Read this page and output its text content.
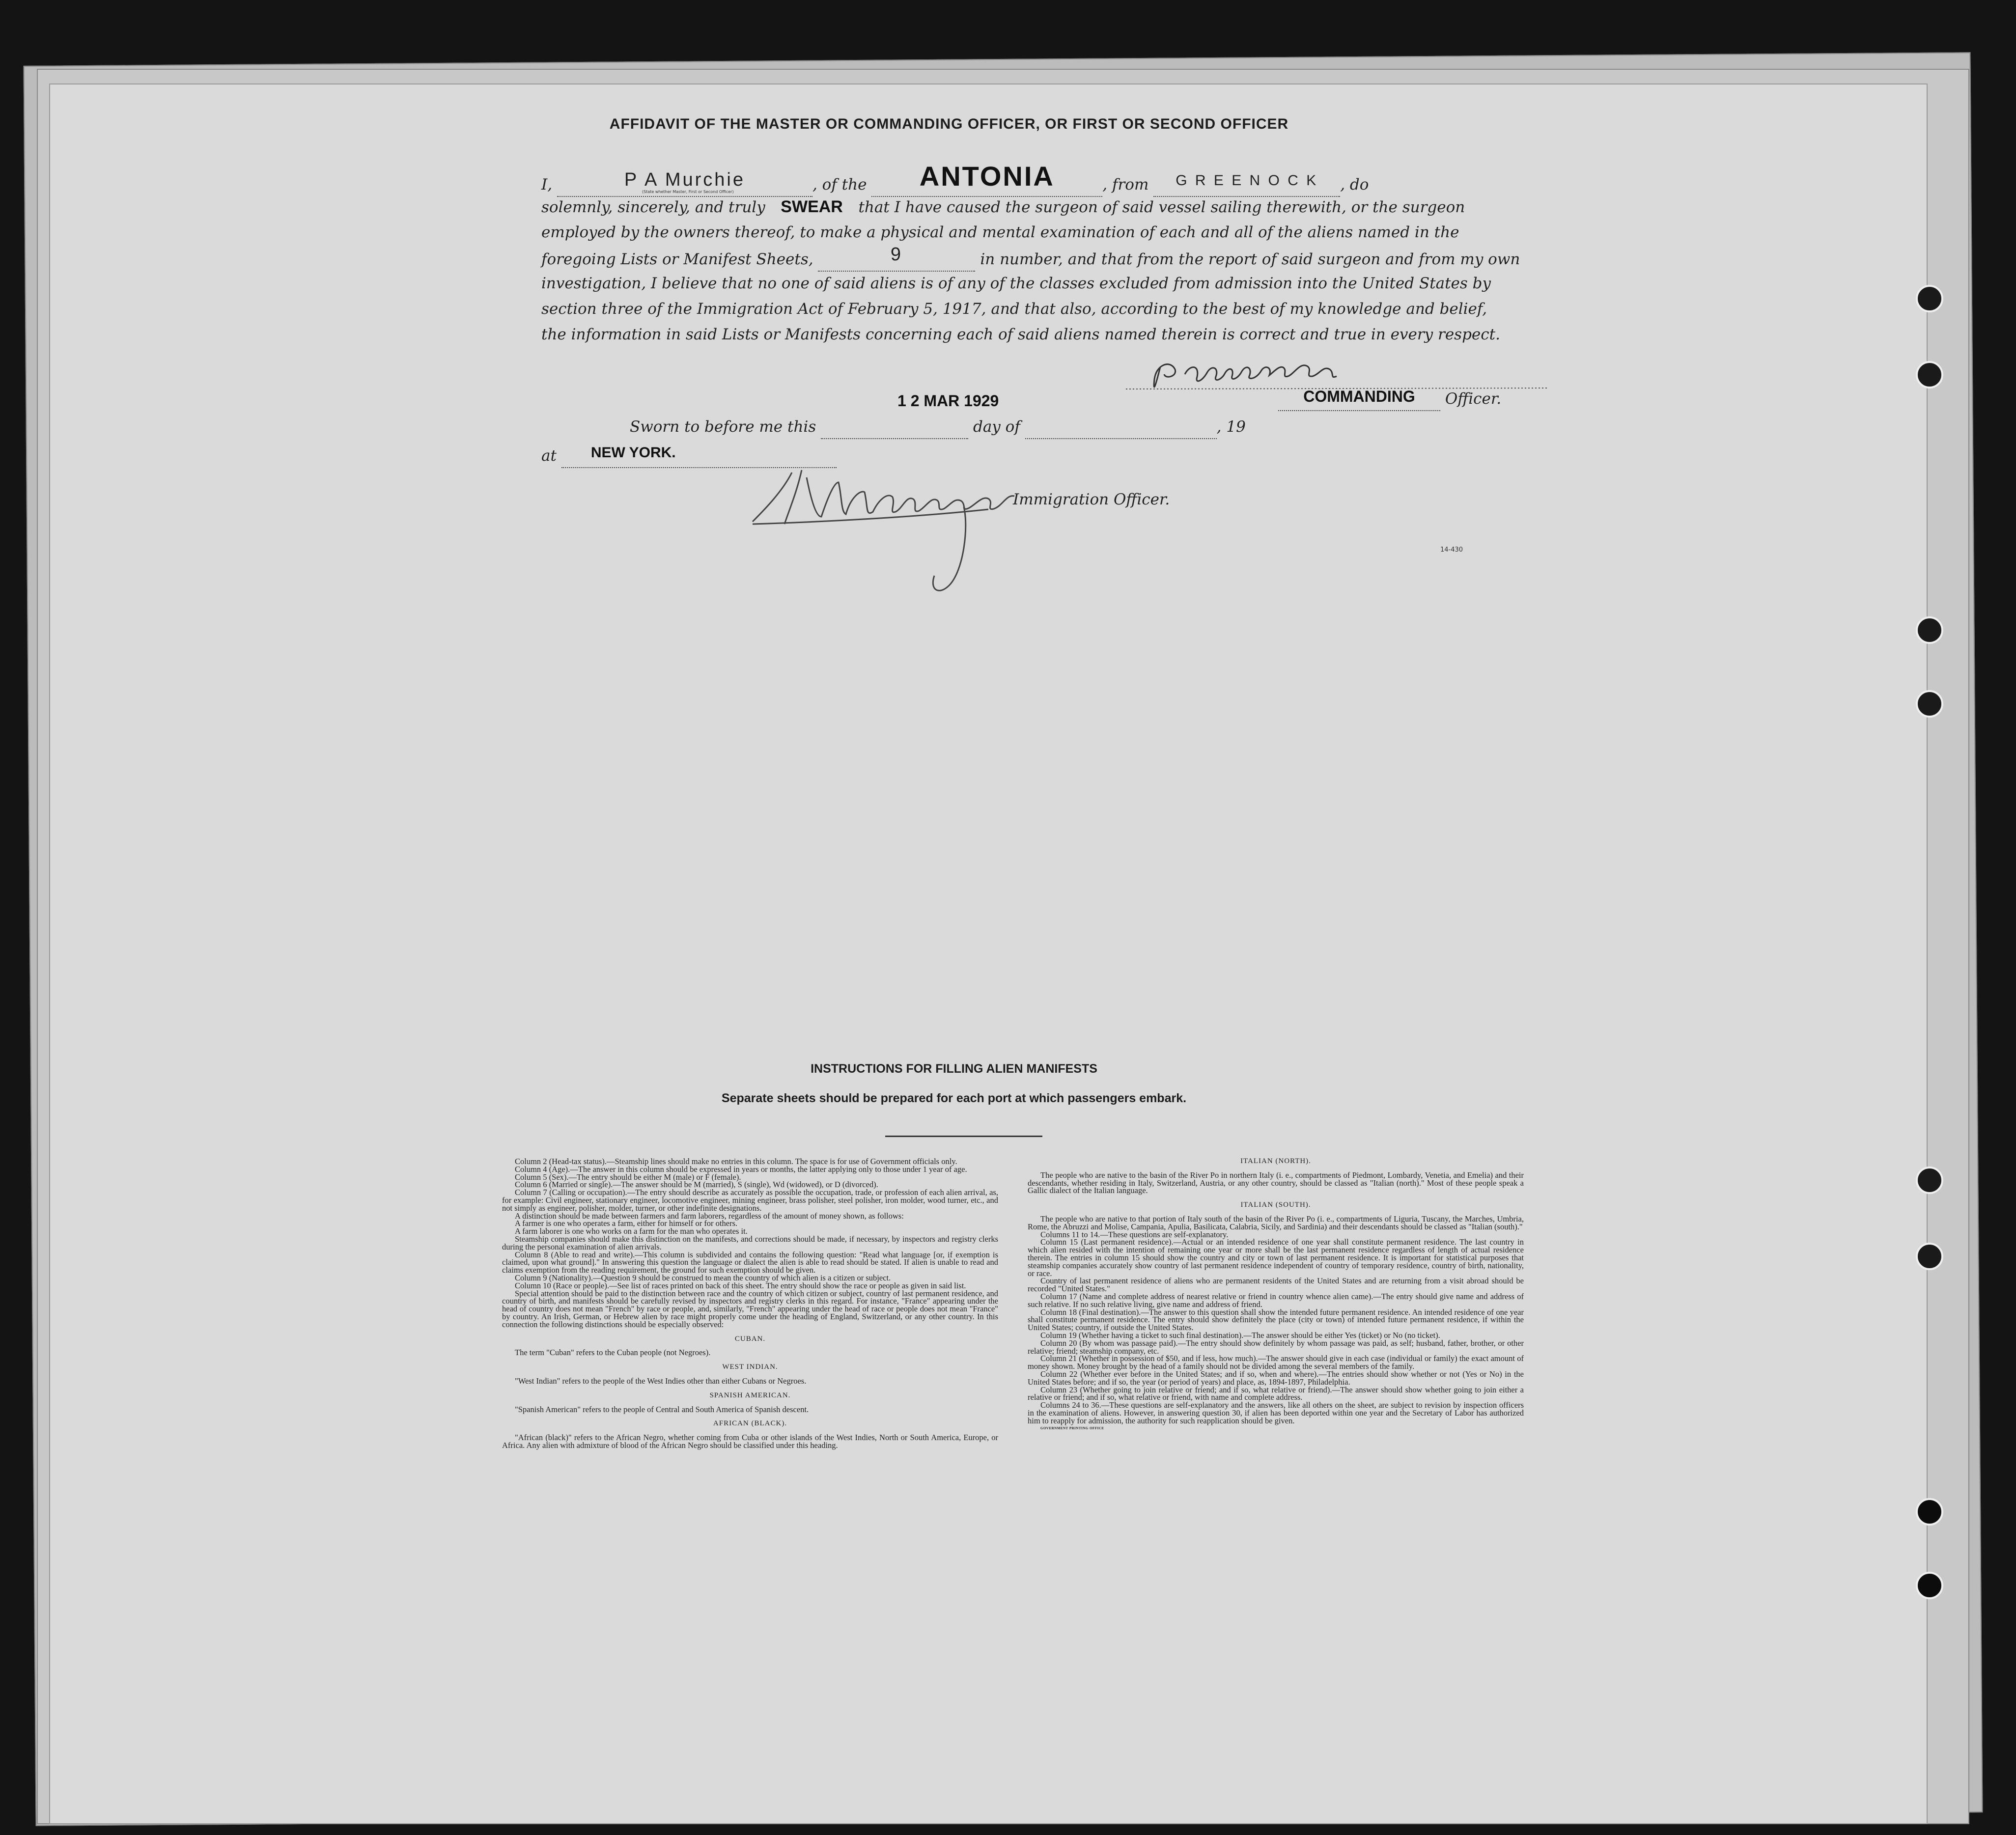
AFFIDAVIT OF THE MASTER OR COMMANDING OFFICER, OR FIRST OR SECOND OFFICER
I,	P A Murchie	, of the ANTONIA	, from G R E E N O C K , do
(State whether Master, First or Second Officer)
solemnly, sincerely, and truly SWEAR that I have caused the surgeon of said vessel sailing therewith, or the surgeon
employed by the owners thereof, to make a physical and mental examination of each and all of the aliens named in the
foregoing Lists or Manifest Sheets,	9	in number, and that from the report of said surgeon and from my own
investigation, I believe that no one of said aliens is of any of the classes excluded from admission into the United States by
section three of the Immigration Act of February 5, 1917, and that also, according to the best of my knowledge and belief,
the information in said Lists or Manifests concerning each of said aliens named therein is correct and true in every respect.
COMMANDING Officer.
1 2 MAR 1929
Sworn to before me this	day of	, 19
at NEW YORK.
Immigration Officer.
14-430
INSTRUCTIONS FOR FILLING ALIEN MANIFESTS
Separate sheets should be prepared for each port at which passengers embark.

Column 2 (Head-tax status).—Steamship lines should make no entries in this column. The space is for use of Government officials only.

Column 4 (Age).—The answer in this column should be expressed in years or months, the latter applying only to those under 1 year of age.

Column 5 (Sex).—The entry should be either M (male) or F (female).

Column 6 (Married or single).—The answer should be M (married), S (single), Wd (widowed), or D (divorced).

Column 7 (Calling or occupation).—The entry should describe as accurately as possible the occupation, trade, or profession of each alien arrival, as, for example: Civil engineer, stationary engineer, locomotive engineer, mining engineer, brass polisher, steel polisher, iron molder, wood turner, etc., and not simply as engineer, polisher, molder, turner, or other indefinite designations.

A distinction should be made between farmers and farm laborers, regardless of the amount of money shown, as follows:

A farmer is one who operates a farm, either for himself or for others.

A farm laborer is one who works on a farm for the man who operates it.

Steamship companies should make this distinction on the manifests, and corrections should be made, if necessary, by inspectors and registry clerks during the personal examination of alien arrivals.

Column 8 (Able to read and write).—This column is subdivided and contains the following question: "Read what language [or, if exemption is claimed, upon what ground]." In answering this question the language or dialect the alien is able to read should be stated. If alien is unable to read and claims exemption from the reading requirement, the ground for such exemption should be given.

Column 9 (Nationality).—Question 9 should be construed to mean the country of which alien is a citizen or subject.

Column 10 (Race or people).—See list of races printed on back of this sheet. The entry should show the race or people as given in said list.

Special attention should be paid to the distinction between race and the country of which citizen or subject, country of last permanent residence, and country of birth, and manifests should be carefully revised by inspectors and registry clerks in this regard. For instance, "France" appearing under the head of country does not mean "French" by race or people, and, similarly, "French" appearing under the head of race or people does not mean "France" by country. An Irish, German, or Hebrew alien by race might properly come under the heading of England, Switzerland, or any other country. In this connection the following distinctions should be especially observed:

CUBAN.

The term "Cuban" refers to the Cuban people (not Negroes).

WEST INDIAN.

"West Indian" refers to the people of the West Indies other than either Cubans or Negroes.

SPANISH AMERICAN.

"Spanish American" refers to the people of Central and South America of Spanish descent.

AFRICAN (BLACK).

"African (black)" refers to the African Negro, whether coming from Cuba or other islands of the West Indies, North or South America, Europe, or Africa. Any alien with admixture of blood of the African Negro should be classified under this heading.

ITALIAN (NORTH).

The people who are native to the basin of the River Po in northern Italy (i. e., compartments of Piedmont, Lombardy, Venetia, and Emelia) and their descendants, whether residing in Italy, Switzerland, Austria, or any other country, should be classed as "Italian (north)." Most of these people speak a Gallic dialect of the Italian language.

ITALIAN (SOUTH).

The people who are native to that portion of Italy south of the basin of the River Po (i. e., compartments of Liguria, Tuscany, the Marches, Umbria, Rome, the Abruzzi and Molise, Campania, Apulia, Basilicata, Calabria, Sicily, and Sardinia) and their descendants should be classed as "Italian (south)."

Columns 11 to 14.—These questions are self-explanatory.

Column 15 (Last permanent residence).—Actual or an intended residence of one year shall constitute permanent residence. The last country in which alien resided with the intention of remaining one year or more shall be the last permanent residence regardless of length of actual residence therein. The entries in column 15 should show the country and city or town of last permanent residence. It is important for statistical purposes that steamship companies accurately show country of last permanent residence independent of country of temporary residence, country of birth, nationality, or race.

Country of last permanent residence of aliens who are permanent residents of the United States and are returning from a visit abroad should be recorded "United States."

Column 17 (Name and complete address of nearest relative or friend in country whence alien came).—The entry should give name and address of such relative. If no such relative living, give name and address of friend.

Column 18 (Final destination).—The answer to this question shall show the intended future permanent residence. An intended residence of one year shall constitute permanent residence. The entry should show definitely the place (city or town) of intended future permanent residence, if within the United States; country, if outside the United States.

Column 19 (Whether having a ticket to such final destination).—The answer should be either Yes (ticket) or No (no ticket).

Column 20 (By whom was passage paid).—The entry should show definitely by whom passage was paid, as self; husband, father, brother, or other relative; friend; steamship company, etc.

Column 21 (Whether in possession of $50, and if less, how much).—The answer should give in each case (individual or family) the exact amount of money shown. Money brought by the head of a family should not be divided among the several members of the family.

Column 22 (Whether ever before in the United States; and if so, when and where).—The entries should show whether or not (Yes or No) in the United States before; and if so, the year (or period of years) and place, as, 1894-1897, Philadelphia.

Column 23 (Whether going to join relative or friend; and if so, what relative or friend).—The answer should show whether going to join either a relative or friend; and if so, what relative or friend, with name and complete address.

Columns 24 to 36.—These questions are self-explanatory and the answers, like all others on the sheet, are subject to revision by inspection officers in the examination of aliens. However, in answering question 30, if alien has been deported within one year and the Secretary of Labor has authorized him to reapply for admission, the authority for such reapplication should be given.

GOVERNMENT PRINTING OFFICE
